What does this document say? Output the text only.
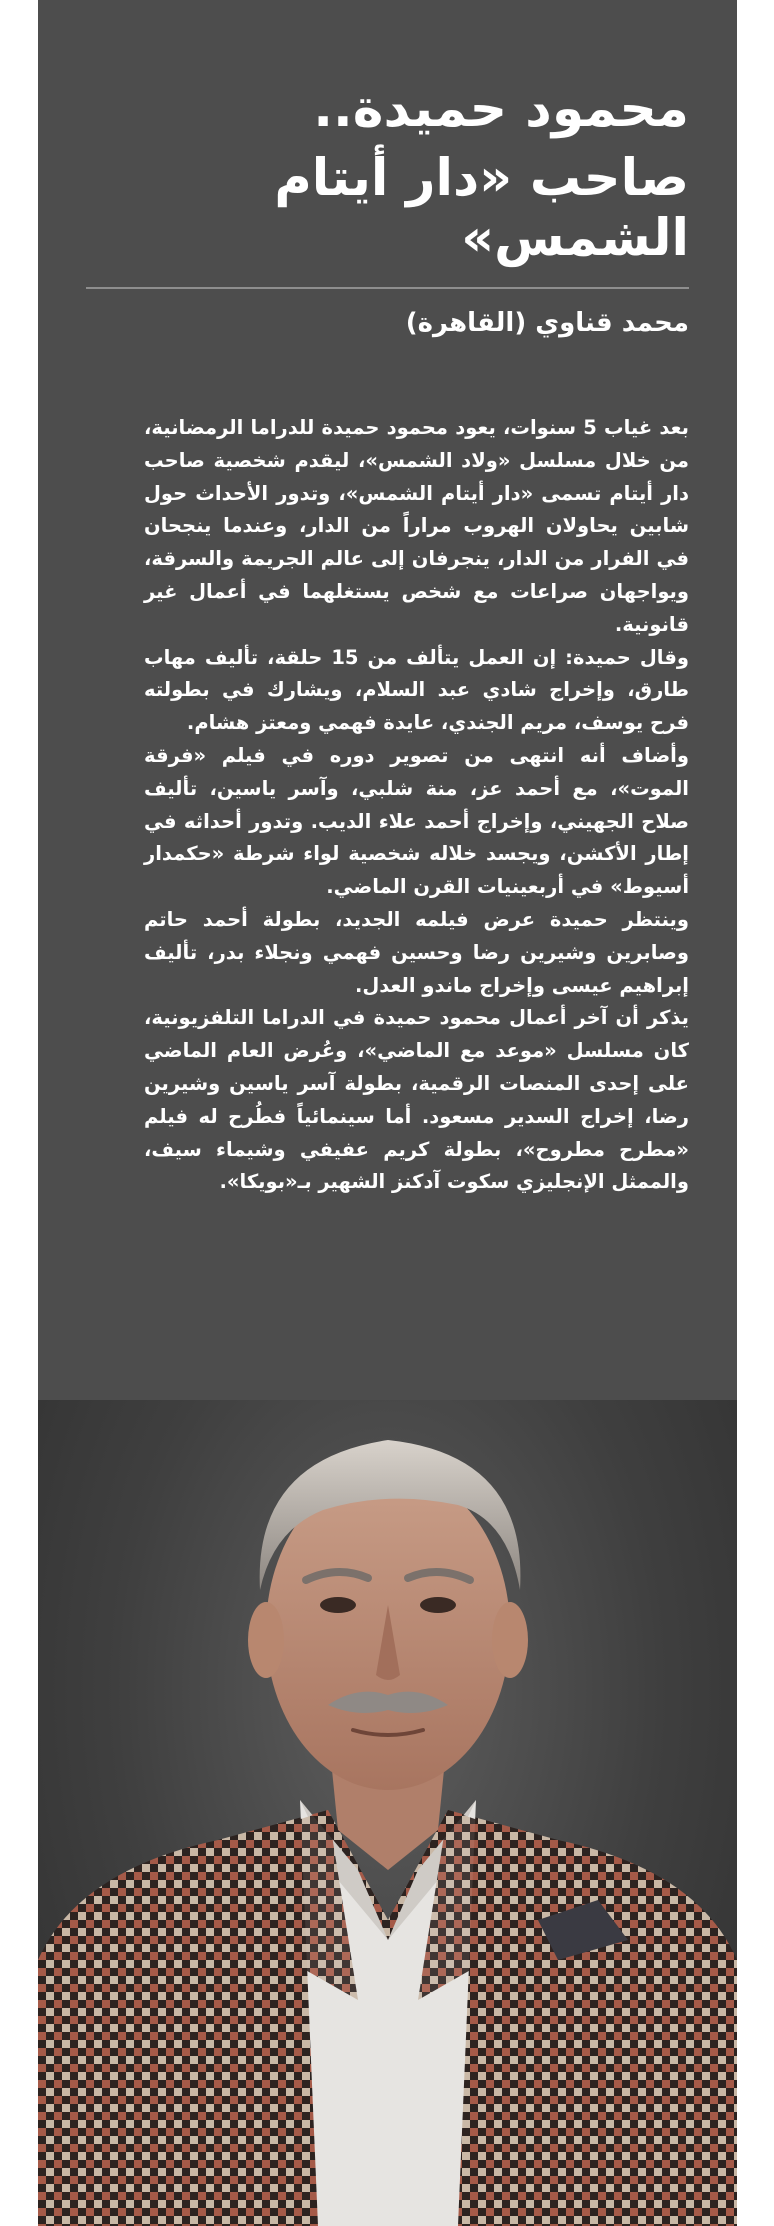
محمود حميدة..
صاحب «دار أيتام الشمس»
محمد قناوي (القاهرة)

بعد غياب 5 سنوات، يعود محمود حميدة للدراما الرمضانية، من خلال مسلسل «ولاد الشمس»، ليقدم شخصية صاحب دار أيتام تسمى «دار أيتام الشمس»، وتدور الأحداث حول شابين يحاولان الهروب مراراً من الدار، وعندما ينجحان في الفرار من الدار، ينجرفان إلى عالم الجريمة والسرقة، ويواجهان صراعات مع شخص يستغلهما في أعمال غير قانونية.

وقال حميدة: إن العمل يتألف من 15 حلقة، تأليف مهاب طارق، وإخراج شادي عبد السلام، ويشارك في بطولته فرح يوسف، مريم الجندي، عايدة فهمي ومعتز هشام.

وأضاف أنه انتهى من تصوير دوره في فيلم «فرقة الموت»، مع أحمد عز، منة شلبي، وآسر ياسين، تأليف صلاح الجهيني، وإخراج أحمد علاء الديب. وتدور أحداثه في إطار الأكشن، ويجسد خلاله شخصية لواء شرطة «حكمدار أسيوط» في أربعينيات القرن الماضي.

وينتظر حميدة عرض فيلمه الجديد، بطولة أحمد حاتم وصابرين وشيرين رضا وحسين فهمي ونجلاء بدر، تأليف إبراهيم عيسى وإخراج ماندو العدل.

يذكر أن آخر أعمال محمود حميدة في الدراما التلفزيونية، كان مسلسل «موعد مع الماضي»، وعُرض العام الماضي على إحدى المنصات الرقمية، بطولة آسر ياسين وشيرين رضا، إخراج السدير مسعود. أما سينمائياً فطُرح له فيلم «مطرح مطروح»، بطولة كريم عفيفي وشيماء سيف، والممثل الإنجليزي سكوت آدكنز الشهير بـ«بويكا».
